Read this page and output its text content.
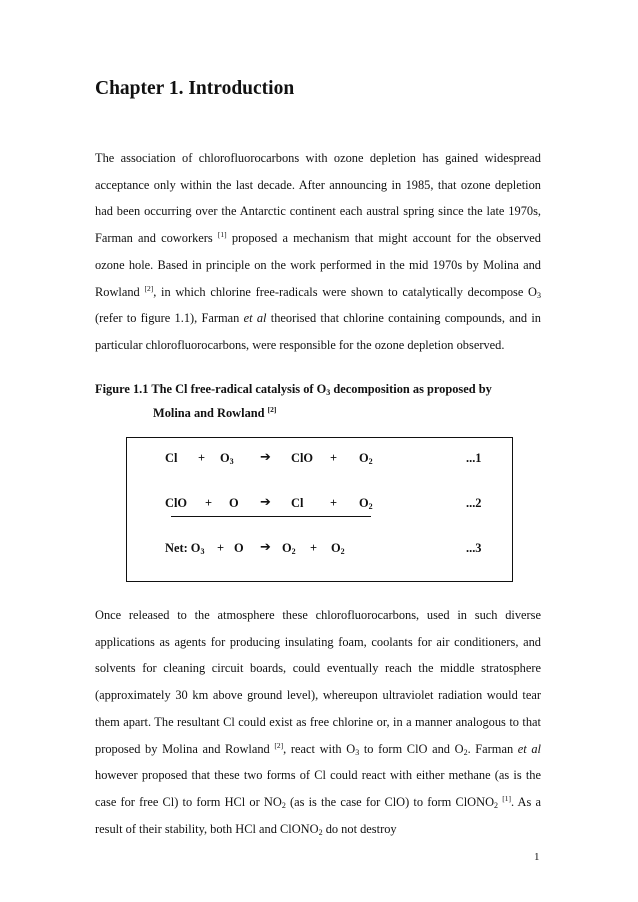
Chapter 1. Introduction

The association of chlorofluorocarbons with ozone depletion has gained widespread acceptance only within the last decade. After announcing in 1985, that ozone depletion had been occurring over the Antarctic continent each austral spring since the late 1970s, Farman and coworkers [1] proposed a mechanism that might account for the observed ozone hole. Based in principle on the work performed in the mid 1970s by Molina and Rowland [2], in which chlorine free-radicals were shown to catalytically decompose $O_3$ (refer to figure 1.1), Farman et al theorised that chlorine containing compounds, and in particular chlorofluorocarbons, were responsible for the ozone depletion observed.

Figure 1.1 The Cl free-radical catalysis of $O_3$ decomposition as proposed by

Molina and Rowland [2]

$Cl + O_3$ ➔ ClO + $O_2$	...1
ClO + O ➔ $Cl + O_2$	...2
Net: $O_3 + O$ ➔ $O_2 + O_2$	...3

Once released to the atmosphere these chlorofluorocarbons, used in such diverse applications as agents for producing insulating foam, coolants for air conditioners, and solvents for cleaning circuit boards, could eventually reach the middle stratosphere (approximately 30 km above ground level), whereupon ultraviolet radiation would tear them apart. The resultant Cl could exist as free chlorine or, in a manner analogous to that proposed by Molina and Rowland [2], react with $O_3$ to form ClO and $O_2$. Farman et al however proposed that these two forms of Cl could react with either methane (as is the case for free Cl) to form HCl or $NO_2$ (as is the case for ClO) to form ClONO$_2$ [1]. As a result of their stability, both HCl and ClONO$_2$ do not destroy

1
